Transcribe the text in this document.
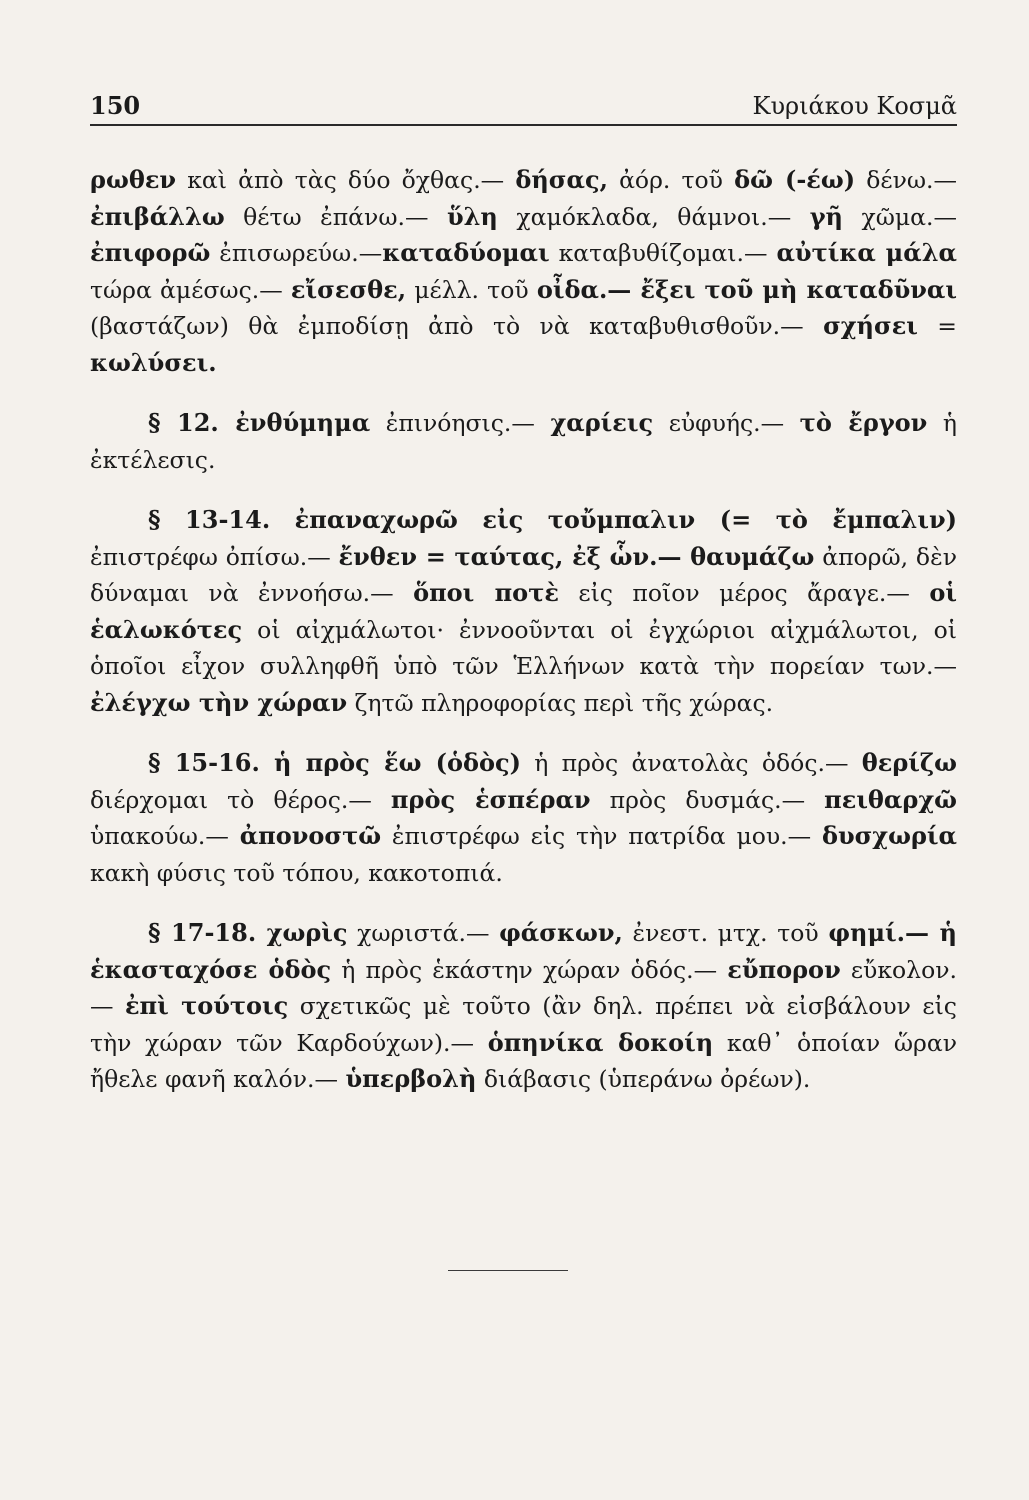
150	Κυριάκου Κοσμᾶ

ρωθεν καὶ ἀπὸ τὰς δύο ὄχθας.— δήσας, ἀόρ. τοῦ δῶ (-έω) δένω.— ἐπιβάλλω θέτω ἐπάνω.— ὕλη χαμόκλαδα, θάμνοι.— γῆ χῶμα.— ἐπιφορῶ ἐπισωρεύω.—καταδύομαι καταβυθίζομαι.— αὐτίκα μάλα τώρα ἀμέσως.— εἴσεσθε, μέλλ. τοῦ οἶδα.— ἔξει τοῦ μὴ καταδῦναι (βαστάζων) θὰ ἐμποδίσῃ ἀπὸ τὸ νὰ καταβυθισθοῦν.— σχήσει = κωλύσει.

§ 12. ἐνθύμημα ἐπινόησις.— χαρίεις εὐφυής.— τὸ ἔργον ἡ ἐκτέλεσις.

§ 13-14. ἐπαναχωρῶ εἰς τοὔμπαλιν (= τὸ ἔμπαλιν) ἐπιστρέφω ὀπίσω.— ἔνθεν = ταύτας, ἐξ ὧν.— θαυμάζω ἀπορῶ, δὲν δύναμαι νὰ ἐννοήσω.— ὅποι ποτὲ εἰς ποῖον μέρος ἄραγε.— οἱ ἑαλωκότες οἱ αἰχμάλωτοι· ἐννοοῦνται οἱ ἐγχώριοι αἰχμάλωτοι, οἱ ὁποῖοι εἶχον συλληφθῆ ὑπὸ τῶν Ἑλλήνων κατὰ τὴν πορείαν των.— ἐλέγχω τὴν χώραν ζητῶ πληροφορίας περὶ τῆς χώρας.

§ 15-16. ἡ πρὸς ἕω (ὁδὸς) ἡ πρὸς ἀνατολὰς ὁδός.— θερίζω διέρχομαι τὸ θέρος.— πρὸς ἑσπέραν πρὸς δυσμάς.— πειθαρχῶ ὑπακούω.— ἀπονοστῶ ἐπιστρέφω εἰς τὴν πατρίδα μου.— δυσχωρία κακὴ φύσις τοῦ τόπου, κακοτοπιά.

§ 17-18. χωρὶς χωριστά.— φάσκων, ἐνεστ. μτχ. τοῦ φημί.— ἡ ἑκασταχόσε ὁδὸς ἡ πρὸς ἑκάστην χώραν ὁδός.— εὔπορον εὔκολον.— ἐπὶ τούτοις σχετικῶς μὲ τοῦτο (ἂν δηλ. πρέπει νὰ εἰσβάλουν εἰς τὴν χώραν τῶν Καρδούχων).— ὁπηνίκα δοκοίη καθ᾽ ὁποίαν ὥραν ἤθελε φανῆ καλόν.— ὑπερβολὴ διάβασις (ὑπεράνω ὀρέων).
